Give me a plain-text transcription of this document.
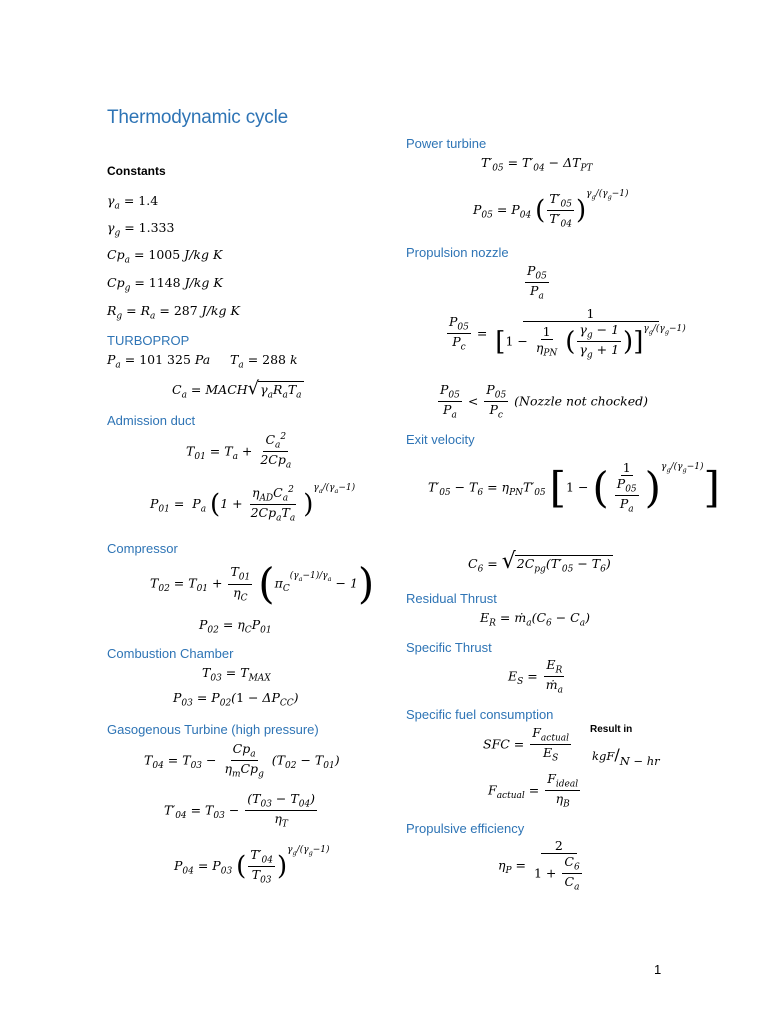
Thermodynamic cycle
Constants
$\gamma_a = 1.4$
$\gamma_g = 1.333$
$Cp_a = 1005$ J/kg K
$Cp_g = 1148$ J/kg K
$R_g = R_a = 287$ J/kg K
TURBOPROP
$P_a = 101$ 325 Pa $T_a = 288$ k
$C_a$ = $MACH√\gamma_aR_aT_a$
Admission duct
$T_{01} = T_a + \frac{C_a^2}{2Cp_a}$
$P_{01} = P_a$ $(1 + \frac{\eta_{AD}C_a^2}{2Cp_aT_a} )^{\gamma_a/(\gamma_a-1)}$
Compressor
$T_{02} = T_{01} + \frac{T_{01}}{\eta_C} (\pi_C^{(\gamma_a-1)/\gamma_a} - 1)$
$P_{02} = \eta_CP_{01}$
Combustion Chamber
$T_{03} = T_{MAX}$
$P_{03} = P_{02}(1 - \Delta P_{CC})$
Gasogenous Turbine (high pressure)
$T_{04} = T_{03} - \frac{Cp_a}{\eta_mCp_g} (T_{02} - T_{01})$
$T'_{04} = T_{03} - \frac{(T_{03} - T_{04})}{\eta_T}$
$P_{04} = P_{03}$ ( $\frac{T'_{04}}{T_{03}} )^{\gamma_g/(\gamma_g-1)}$
Power turbine
$T'_{05} = T'_{04} - \Delta T_{PT}$
$P_{05} = P_{04}$ ( $\frac{T'_{05}}{T'_{04}} )^{\gamma_g/(\gamma_g-1)}$
Propulsion nozzle
$\frac{P_{05}}{P_a}$
$\frac{P_{05}}{P_c} = \frac{1}{[1 - \frac{1}{\eta_{PN}} ( \frac{\gamma_g - 1}{\gamma_g + 1} )]^{\gamma_g/(\gamma_g-1)}}$
$\frac{P_{05}}{P_a} < \frac{P_{05}}{P_c}$ (Nozzle not chocked)
Exit velocity
$T'_{05} - T_6 = \eta_{PN}T'_{05}$ [1 − ( $\frac{1}{\frac{P_{05}}{P_a}} )^{\gamma_g/(\gamma_g-1)}$]
$C_6 = √2C_{pg}(T'_{05} - T_6)$
Residual Thrust
$E_R$ = $ṁ_a(C_6 - C_a)$
Specific Thrust
$E_S = \frac{E_R}{ṁ_a}$
Specific fuel consumption
SFC = $\frac{F_{actual}}{E_S}$ Result in
kgF/N − hr
$F_{actual} = \frac{F_{ideal}}{\eta_B}$
Propulsive efficiency
$\eta_P = \frac{2}{1 + \frac{C_6}{C_a}}$
1
